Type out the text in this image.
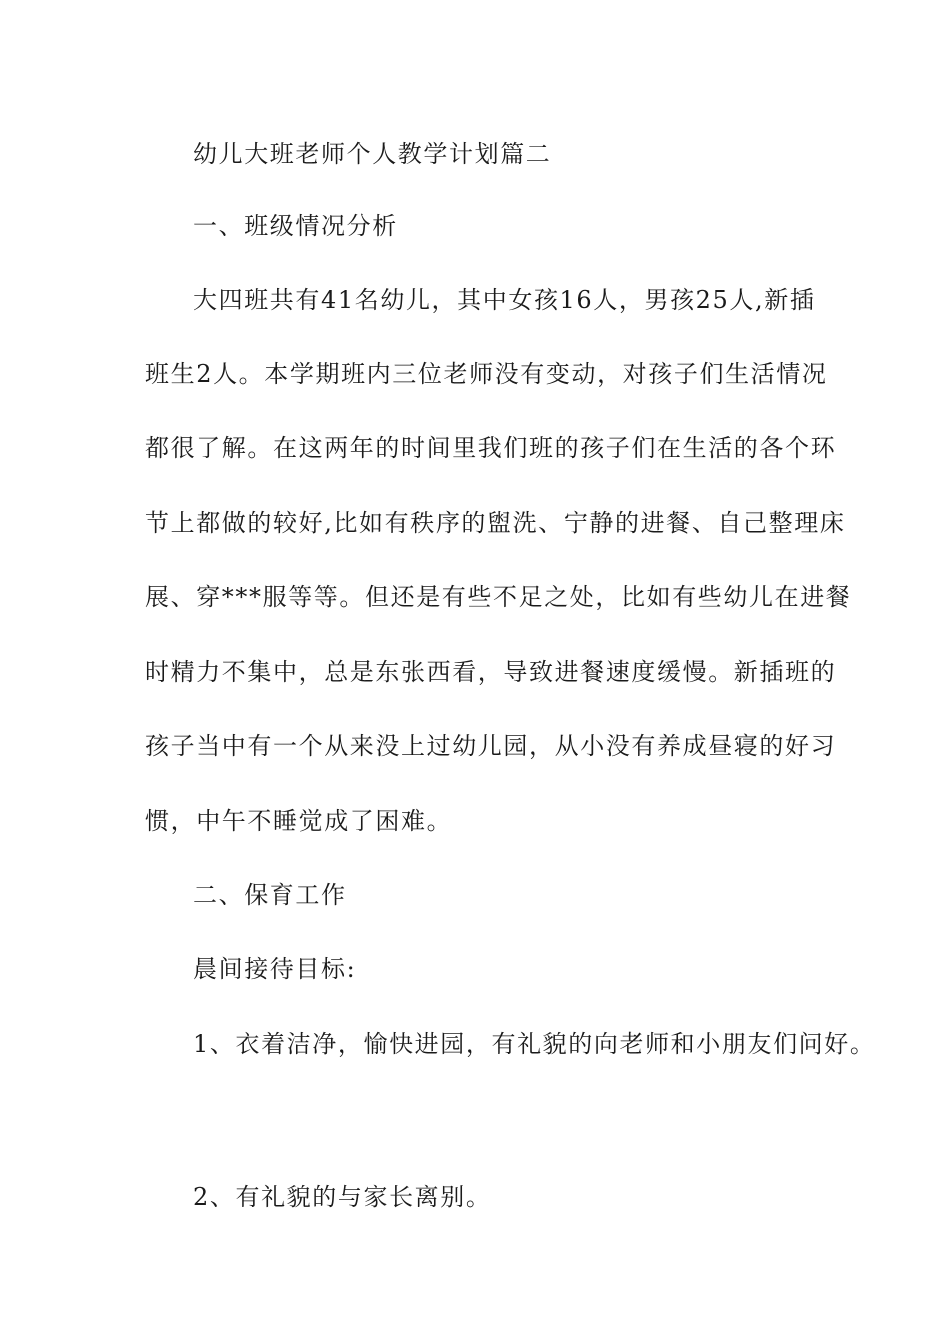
幼儿大班老师个人教学计划篇二
一、班级情况分析
大四班共有41名幼儿，其中女孩16人，男孩25人,新插
班生2人。本学期班内三位老师没有变动，对孩子们生活情况
都很了解。在这两年的时间里我们班的孩子们在生活的各个环
节上都做的较好,比如有秩序的盥洗、宁静的进餐、自己整理床
展、穿***服等等。但还是有些不足之处，比如有些幼儿在进餐
时精力不集中，总是东张西看，导致进餐速度缓慢。新插班的
孩子当中有一个从来没上过幼儿园，从小没有养成昼寝的好习
惯，中午不睡觉成了困难。
二、保育工作
晨间接待目标:
1、衣着洁净，愉快进园，有礼貌的向老师和小朋友们问好。
2、有礼貌的与家长离别。
